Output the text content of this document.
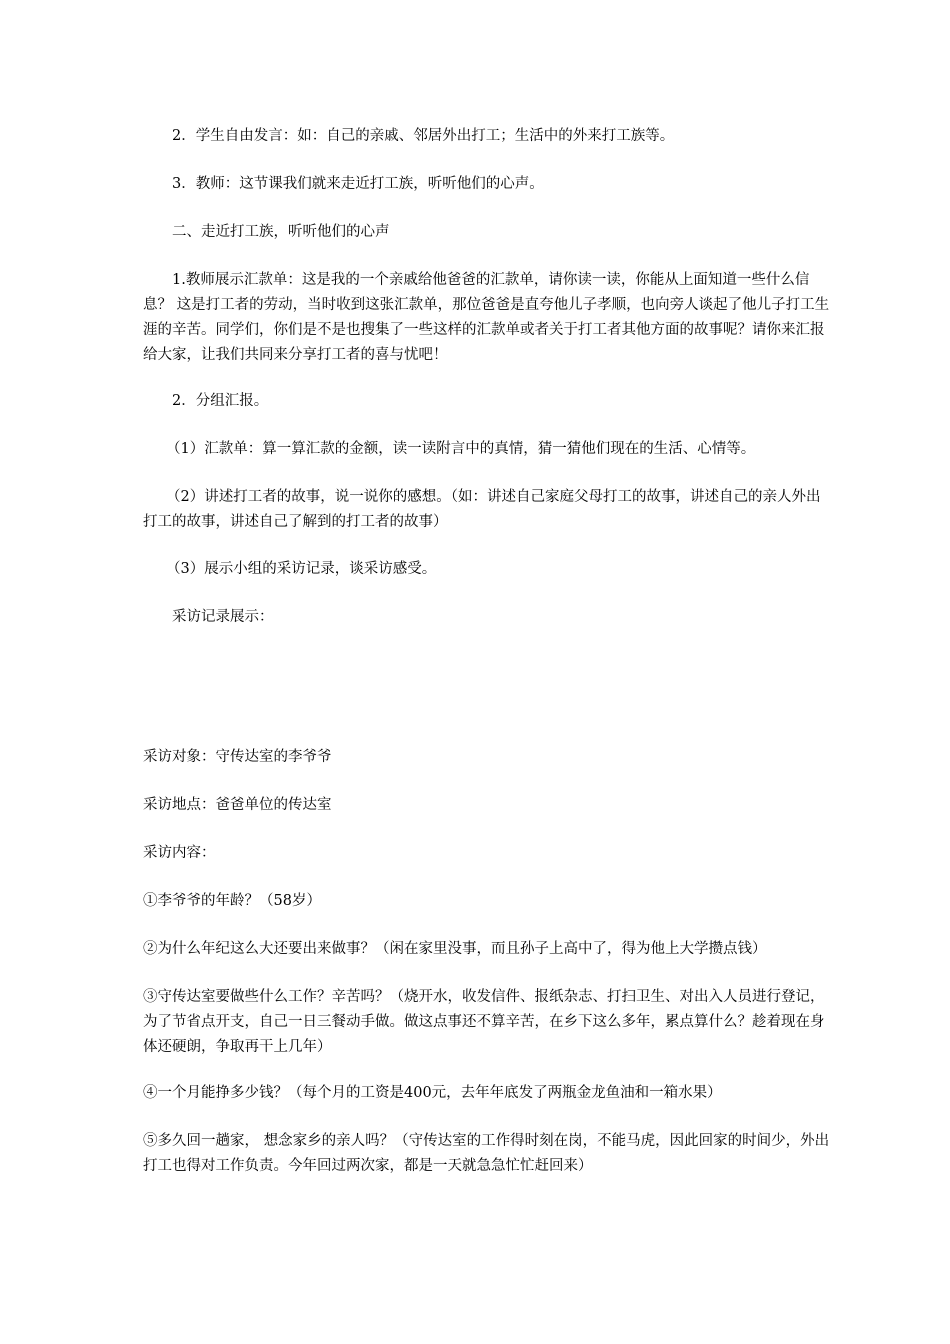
2．学生自由发言：如：自己的亲戚、邻居外出打工；生活中的外来打工族等。

3．教师：这节课我们就来走近打工族，听听他们的心声。

二、走近打工族，听听他们的心声

1.教师展示汇款单：这是我的一个亲戚给他爸爸的汇款单，请你读一读，你能从上面知道一些什么信息？ 这是打工者的劳动，当时收到这张汇款单，那位爸爸是直夸他儿子孝顺，也向旁人谈起了他儿子打工生涯的辛苦。同学们，你们是不是也搜集了一些这样的汇款单或者关于打工者其他方面的故事呢？请你来汇报给大家，让我们共同来分享打工者的喜与忧吧！

2．分组汇报。

（1）汇款单：算一算汇款的金额，读一读附言中的真情，猜一猜他们现在的生活、心情等。

（2）讲述打工者的故事，说一说你的感想。（如：讲述自己家庭父母打工的故事，讲述自己的亲人外出打工的故事，讲述自己了解到的打工者的故事）

（3）展示小组的采访记录，谈采访感受。

采访记录展示：

采访对象：守传达室的李爷爷

采访地点：爸爸单位的传达室

采访内容：

①李爷爷的年龄？（58岁）

②为什么年纪这么大还要出来做事？（闲在家里没事，而且孙子上高中了，得为他上大学攒点钱）

③守传达室要做些什么工作？辛苦吗？（烧开水，收发信件、报纸杂志、打扫卫生、对出入人员进行登记，为了节省点开支，自己一日三餐动手做。做这点事还不算辛苦，在乡下这么多年，累点算什么？趁着现在身体还硬朗，争取再干上几年）

④一个月能挣多少钱？（每个月的工资是400元，去年年底发了两瓶金龙鱼油和一箱水果）

⑤多久回一趟家， 想念家乡的亲人吗？（守传达室的工作得时刻在岗，不能马虎，因此回家的时间少，外出打工也得对工作负责。今年回过两次家，都是一天就急急忙忙赶回来）
